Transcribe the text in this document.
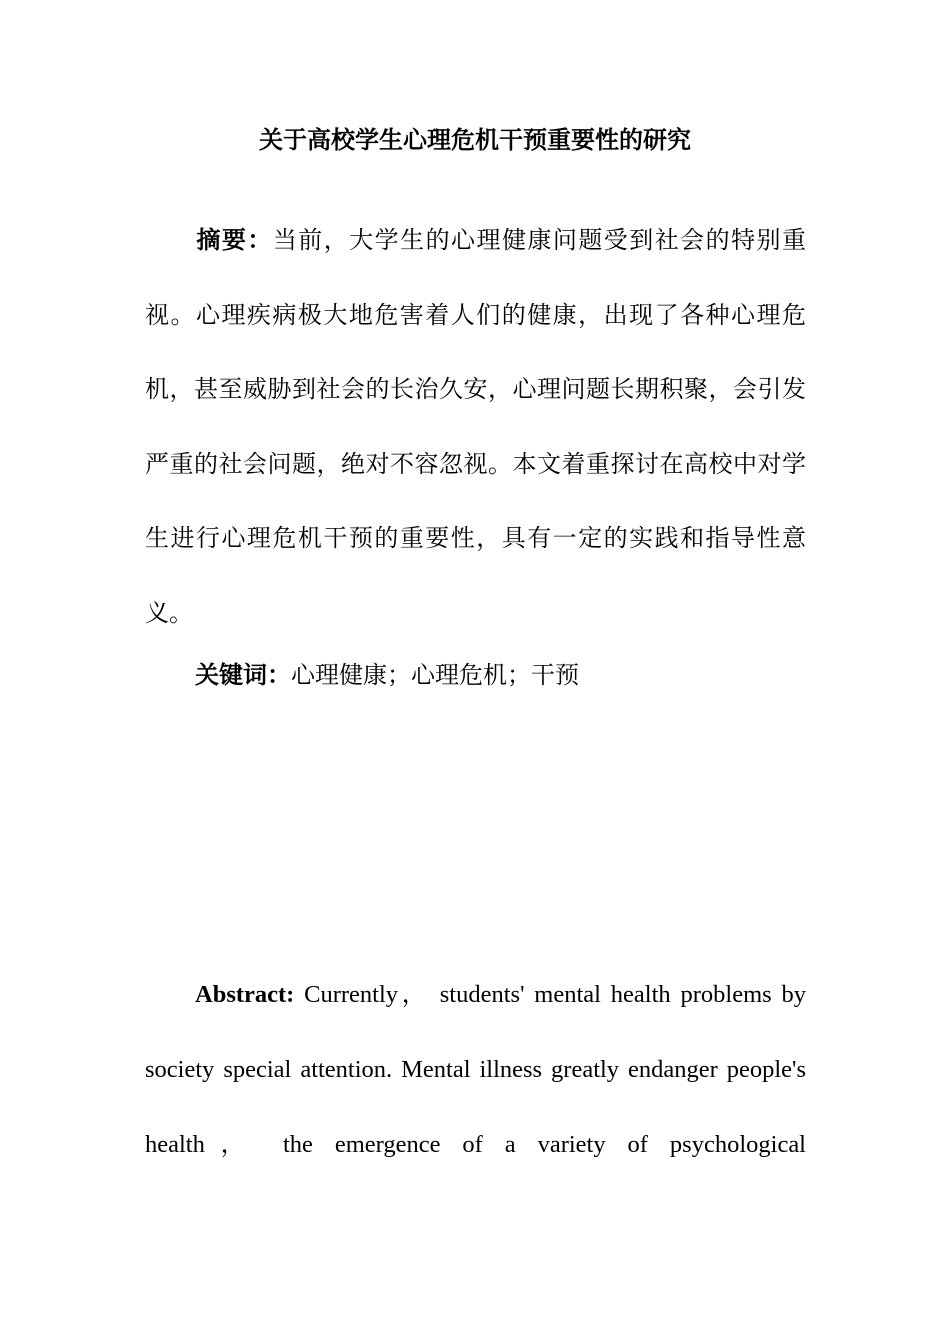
关于高校学生心理危机干预重要性的研究
摘要：当前，大学生的心理健康问题受到社会的特别重视。心理疾病极大地危害着人们的健康，出现了各种心理危机，甚至威胁到社会的长治久安，心理问题长期积聚，会引发严重的社会问题，绝对不容忽视。本文着重探讨在高校中对学生进行心理危机干预的重要性，具有一定的实践和指导性意义。
关键词：心理健康；心理危机；干预
Abstract: Currently， students' mental health problems by society special attention. Mental illness greatly endanger people's health， the emergence of a variety of psychological
